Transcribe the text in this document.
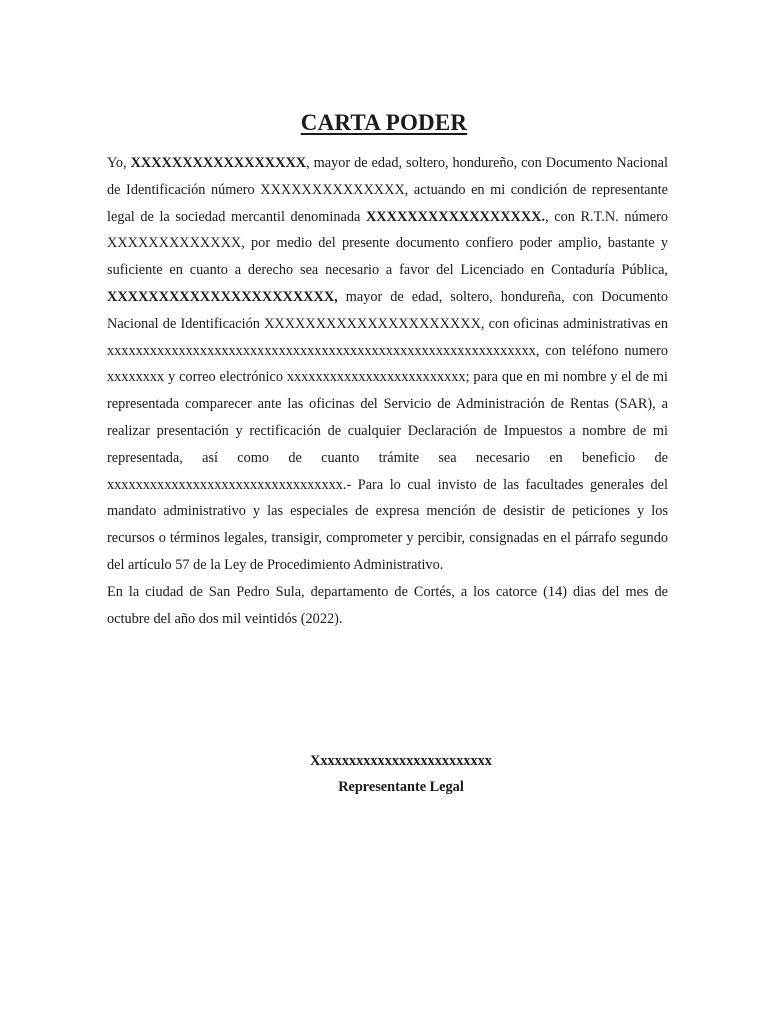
CARTA PODER

Yo, XXXXXXXXXXXXXXXXX, mayor de edad, soltero, hondureño, con Documento Nacional de Identificación número XXXXXXXXXXXXXX, actuando en mi condición de representante legal de la sociedad mercantil denominada XXXXXXXXXXXXXXXXX., con R.T.N. número XXXXXXXXXXXXX, por medio del presente documento confiero poder amplio, bastante y suficiente en cuanto a derecho sea necesario a favor del Licenciado en Contaduría Pública, XXXXXXXXXXXXXXXXXXXXXX, mayor de edad, soltero, hondureña, con Documento Nacional de Identificación XXXXXXXXXXXXXXXXXXXXX, con oficinas administrativas en xxxxxxxxxxxxxxxxxxxxxxxxxxxxxxxxxxxxxxxxxxxxxxxxxxxxxxxxxxxx, con teléfono numero xxxxxxxx y correo electrónico xxxxxxxxxxxxxxxxxxxxxxxxx; para que en mi nombre y el de mi representada comparecer ante las oficinas del Servicio de Administración de Rentas (SAR), a realizar presentación y rectificación de cualquier Declaración de Impuestos a nombre de mi representada, así como de cuanto trámite sea necesario en beneficio de xxxxxxxxxxxxxxxxxxxxxxxxxxxxxxxxx.- Para lo cual invisto de las facultades generales del mandato administrativo y las especiales de expresa mención de desistir de peticiones y los recursos o términos legales, transigir, comprometer y percibir, consignadas en el párrafo segundo del artículo 57 de la Ley de Procedimiento Administrativo.

En la ciudad de San Pedro Sula, departamento de Cortés, a los catorce (14) dias del mes de octubre del año dos mil veintidós (2022).

Xxxxxxxxxxxxxxxxxxxxxxxxx
Representante Legal
